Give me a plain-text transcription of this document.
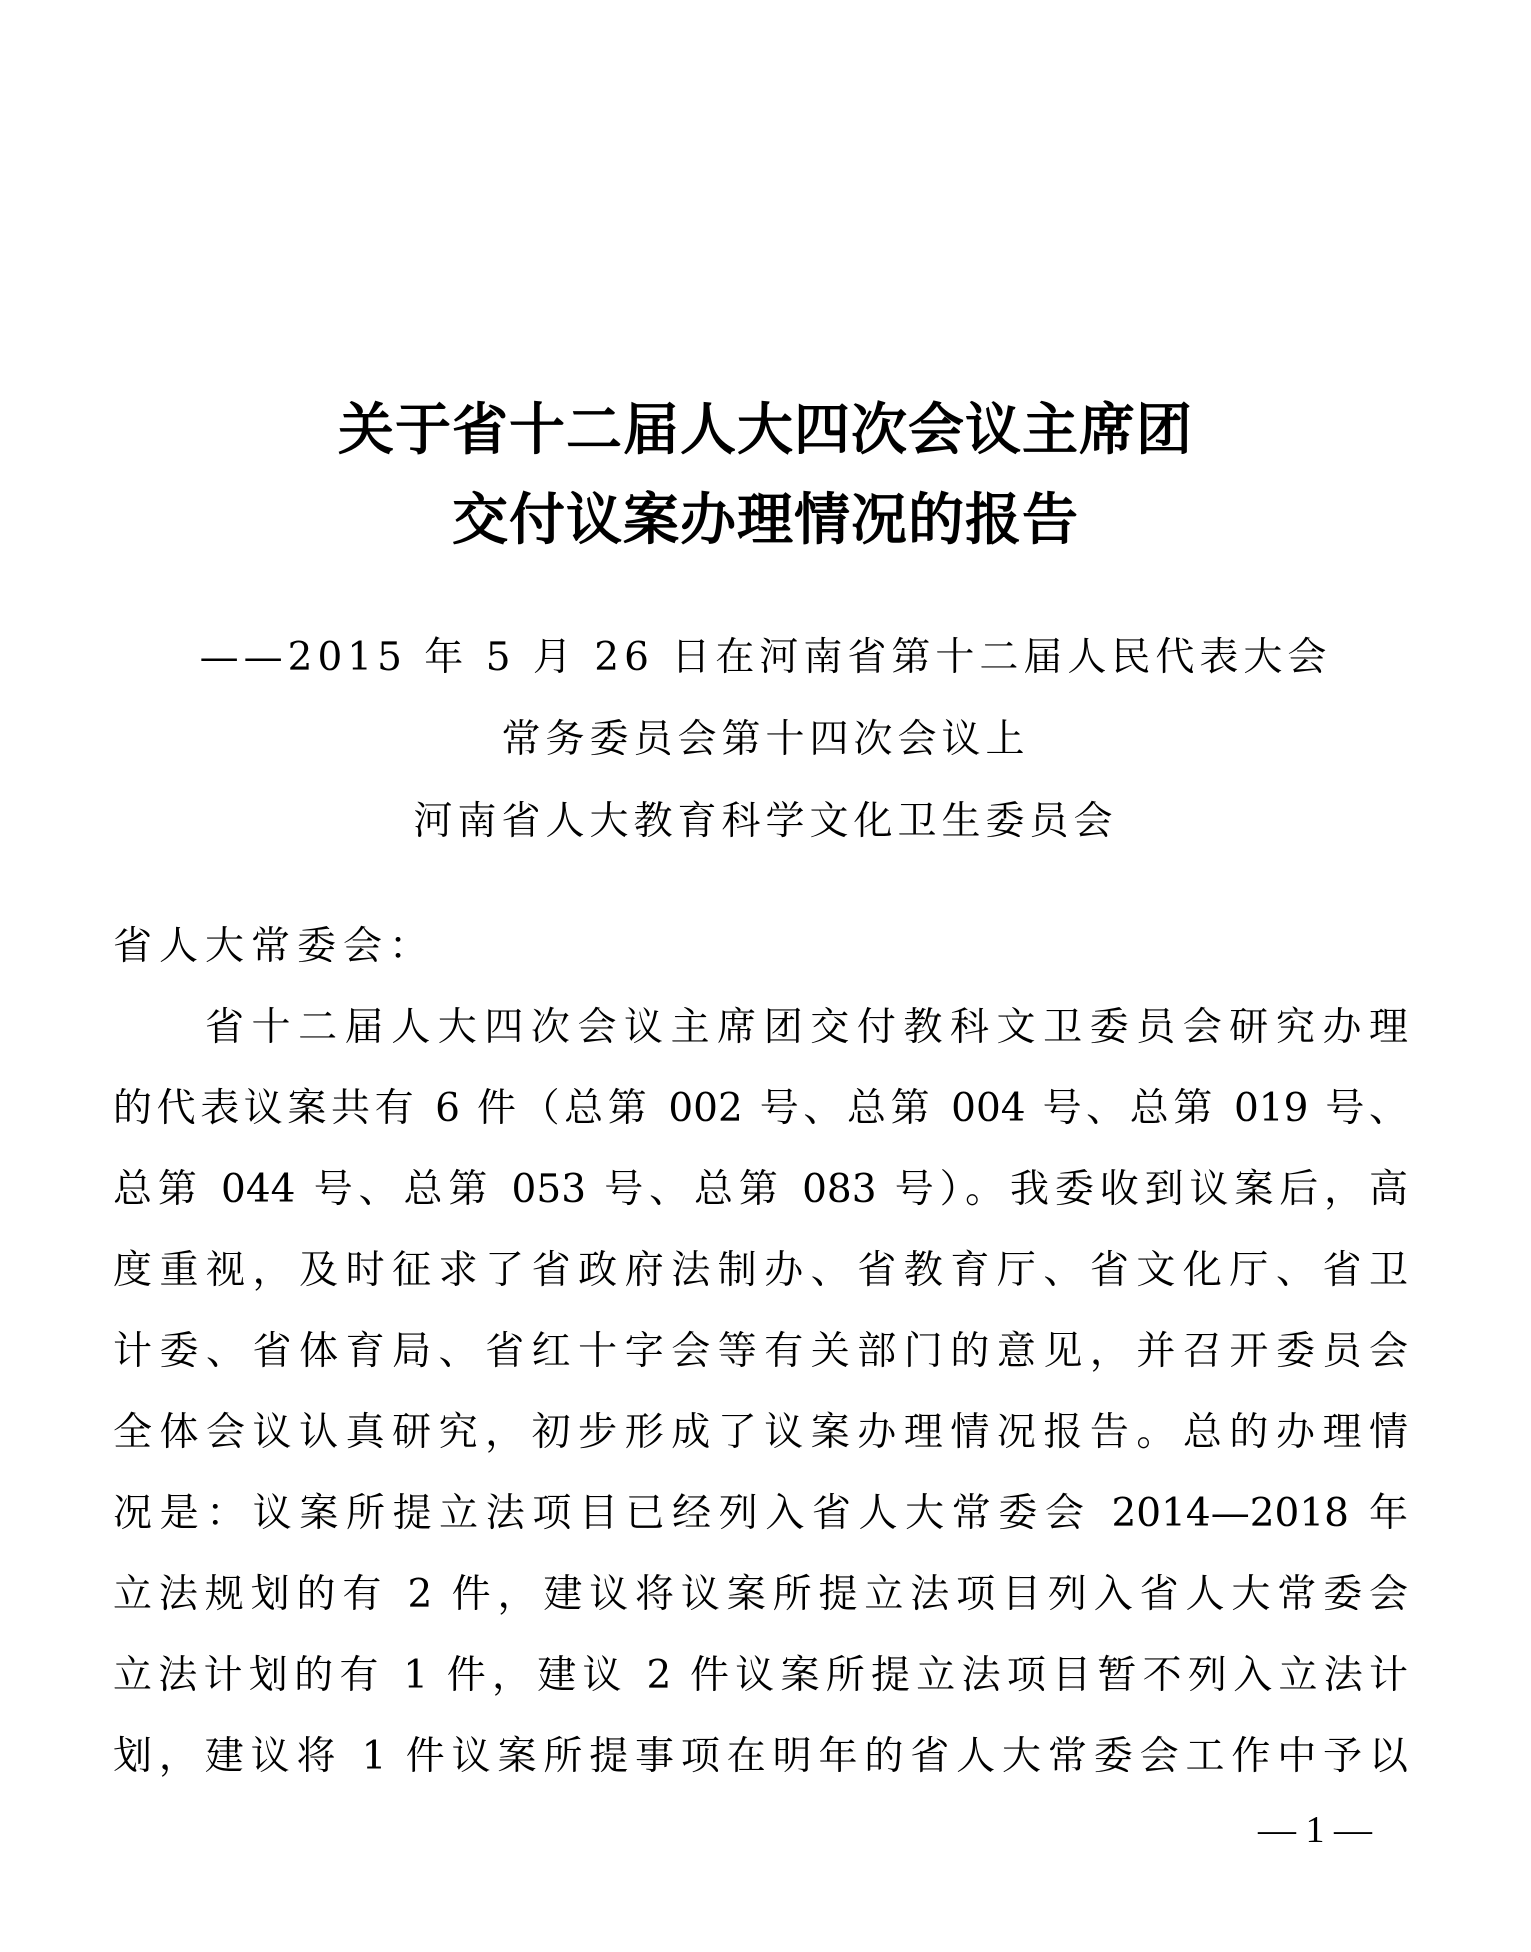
关于省十二届人大四次会议主席团
交付议案办理情况的报告
——2015 年 5 月 26 日在河南省第十二届人民代表大会
常务委员会第十四次会议上
河南省人大教育科学文化卫生委员会
省人大常委会：
省十二届人大四次会议主席团交付教科文卫委员会研究办理
的代表议案共有 6 件（总第 002 号、总第 004 号、总第 019 号、
总第 044 号、总第 053 号、总第 083 号）。我委收到议案后，高
度重视，及时征求了省政府法制办、省教育厅、省文化厅、省卫
计委、省体育局、省红十字会等有关部门的意见，并召开委员会
全体会议认真研究，初步形成了议案办理情况报告。总的办理情
况是：议案所提立法项目已经列入省人大常委会 2014—2018 年
立法规划的有 2 件，建议将议案所提立法项目列入省人大常委会
立法计划的有 1 件，建议 2 件议案所提立法项目暂不列入立法计
划，建议将 1 件议案所提事项在明年的省人大常委会工作中予以
— 1 —
